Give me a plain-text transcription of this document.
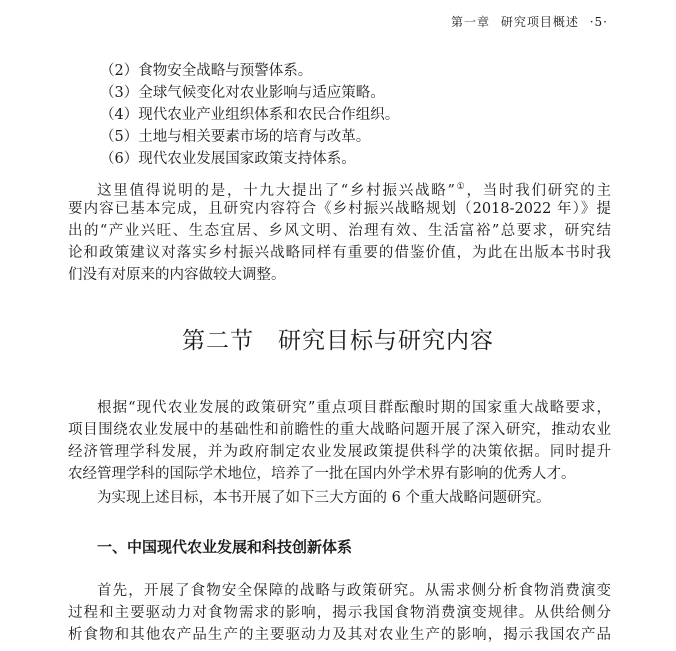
第一章 研究项目概述 ·5·
（2）食物安全战略与预警体系。
（3）全球气候变化对农业影响与适应策略。
（4）现代农业产业组织体系和农民合作组织。
（5）土地与相关要素市场的培育与改革。
（6）现代农业发展国家政策支持体系。
这里值得说明的是，十九大提出了“乡村振兴战略”①，当时我们研究的主
要内容已基本完成，且研究内容符合《乡村振兴战略规划（2018-2022 年）》提
出的“产业兴旺、生态宜居、乡风文明、治理有效、生活富裕”总要求，研究结
论和政策建议对落实乡村振兴战略同样有重要的借鉴价值，为此在出版本书时我
们没有对原来的内容做较大调整。
第二节　研究目标与研究内容
根据“现代农业发展的政策研究”重点项目群酝酿时期的国家重大战略要求，
项目围绕农业发展中的基础性和前瞻性的重大战略问题开展了深入研究，推动农业
经济管理学科发展，并为政府制定农业发展政策提供科学的决策依据。同时提升
农经管理学科的国际学术地位，培养了一批在国内外学术界有影响的优秀人才。
为实现上述目标，本书开展了如下三大方面的 6 个重大战略问题研究。
一、中国现代农业发展和科技创新体系
首先，开展了食物安全保障的战略与政策研究。从需求侧分析食物消费演变
过程和主要驱动力对食物需求的影响，揭示我国食物消费演变规律。从供给侧分
析食物和其他农产品生产的主要驱动力及其对农业生产的影响，揭示我国农产品
